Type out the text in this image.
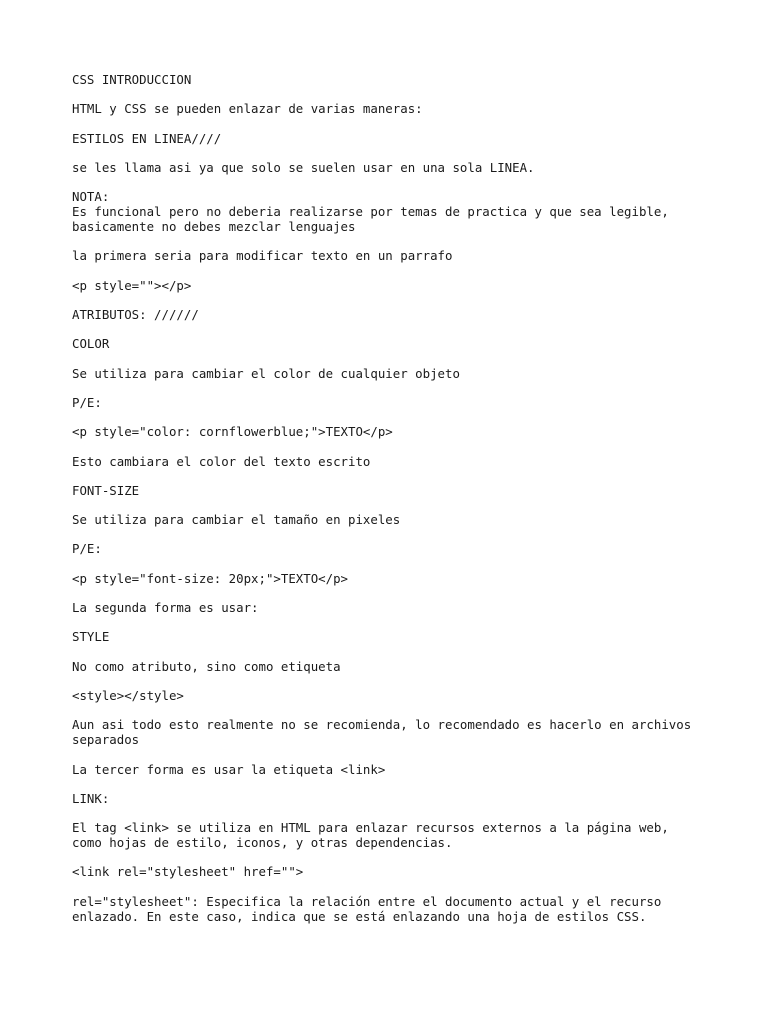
CSS INTRODUCCION
HTML y CSS se pueden enlazar de varias maneras:
ESTILOS EN LINEA////
se les llama asi ya que solo se suelen usar en una sola LINEA.
NOTA:
Es funcional pero no deberia realizarse por temas de practica y que sea legible,
basicamente no debes mezclar lenguajes
la primera seria para modificar texto en un parrafo
<p style=""></p>
ATRIBUTOS: //////
COLOR
Se utiliza para cambiar el color de cualquier objeto
P/E:
<p style="color: cornflowerblue;">TEXTO</p>
Esto cambiara el color del texto escrito
FONT-SIZE
Se utiliza para cambiar el tamaño en pixeles
P/E:
<p style="font-size: 20px;">TEXTO</p>
La segunda forma es usar:
STYLE
No como atributo, sino como etiqueta
<style></style>
Aun asi todo esto realmente no se recomienda, lo recomendado es hacerlo en archivos
separados
La tercer forma es usar la etiqueta <link>
LINK:
El tag <link> se utiliza en HTML para enlazar recursos externos a la página web,
como hojas de estilo, iconos, y otras dependencias.
<link rel="stylesheet" href="">
rel="stylesheet": Especifica la relación entre el documento actual y el recurso
enlazado. En este caso, indica que se está enlazando una hoja de estilos CSS.
